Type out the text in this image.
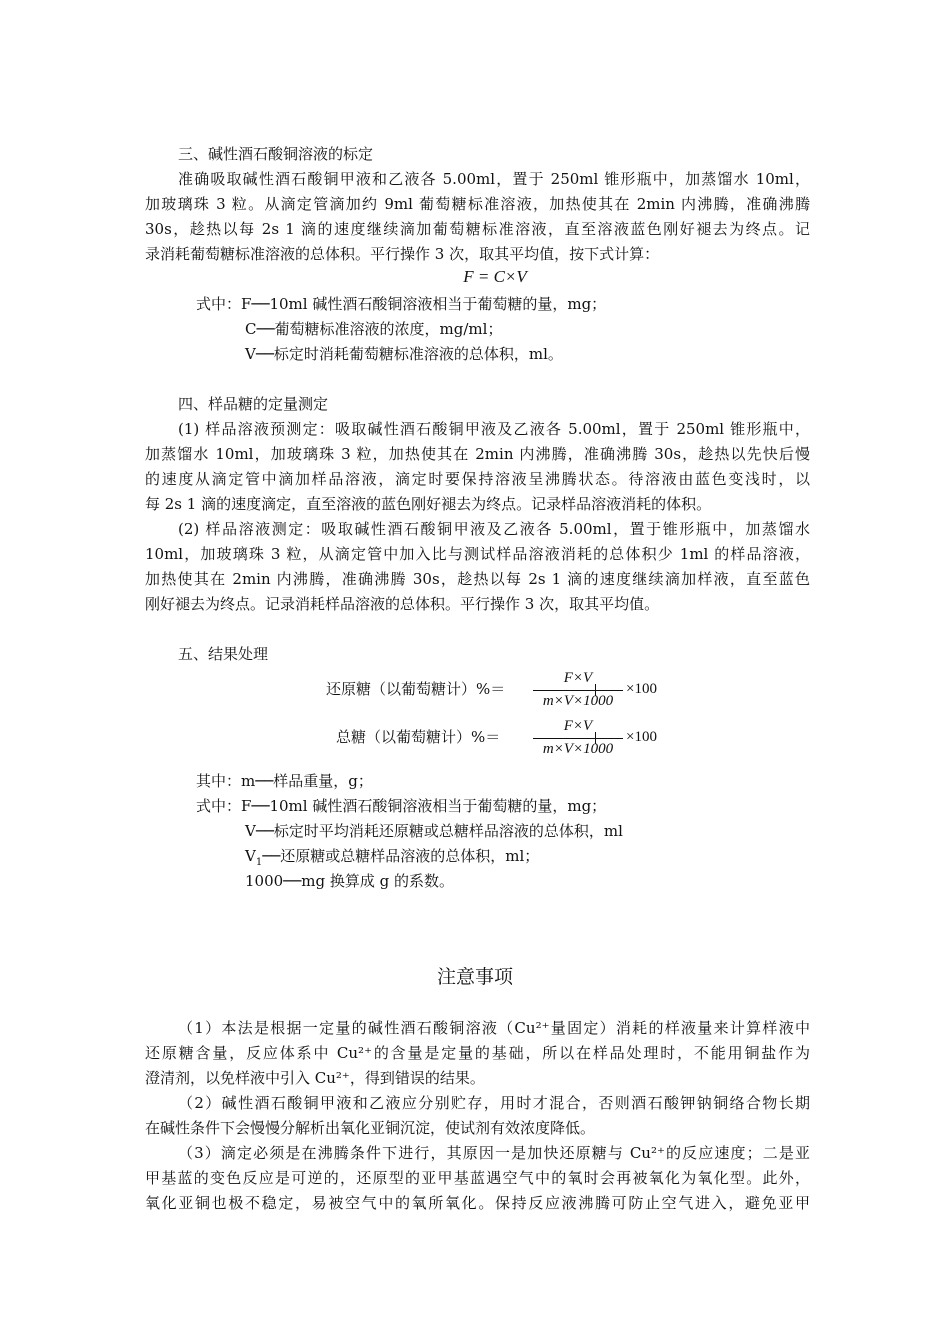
三、碱性酒石酸铜溶液的标定
准确吸取碱性酒石酸铜甲液和乙液各 5.00ml，置于 250ml 锥形瓶中，加蒸馏水 10ml，
加玻璃珠 3 粒。从滴定管滴加约 9ml 葡萄糖标准溶液，加热使其在 2min 内沸腾，准确沸腾
30s，趁热以每 2s 1 滴的速度继续滴加葡萄糖标准溶液，直至溶液蓝色刚好褪去为终点。记
录消耗葡萄糖标准溶液的总体积。平行操作 3 次，取其平均值，按下式计算：
F = C×V
式中：F──10ml 碱性酒石酸铜溶液相当于葡萄糖的量，mg；
C──葡萄糖标准溶液的浓度，mg/ml；
V──标定时消耗葡萄糖标准溶液的总体积，ml。
四、样品糖的定量测定
(1) 样品溶液预测定：吸取碱性酒石酸铜甲液及乙液各 5.00ml，置于 250ml 锥形瓶中，
加蒸馏水 10ml，加玻璃珠 3 粒，加热使其在 2min 内沸腾，准确沸腾 30s，趁热以先快后慢
的速度从滴定管中滴加样品溶液，滴定时要保持溶液呈沸腾状态。待溶液由蓝色变浅时，以
每 2s 1 滴的速度滴定，直至溶液的蓝色刚好褪去为终点。记录样品溶液消耗的体积。
(2) 样品溶液测定：吸取碱性酒石酸铜甲液及乙液各 5.00ml，置于锥形瓶中，加蒸馏水
10ml，加玻璃珠 3 粒，从滴定管中加入比与测试样品溶液消耗的总体积少 1ml 的样品溶液，
加热使其在 2min 内沸腾，准确沸腾 30s，趁热以每 2s 1 滴的速度继续滴加样液，直至蓝色
刚好褪去为终点。记录消耗样品溶液的总体积。平行操作 3 次，取其平均值。
五、结果处理
还原糖（以葡萄糖计）%＝
F×V
m×V×1000
×100
总糖（以葡萄糖计）%＝
F×V
m×V×1000
×100
其中：m──样品重量，g；
式中：F──10ml 碱性酒石酸铜溶液相当于葡萄糖的量，mg；
V──标定时平均消耗还原糖或总糖样品溶液的总体积，ml
$V_1──$还原糖或总糖样品溶液的总体积，ml；
1000──mg 换算成 g 的系数。
注意事项
（1）本法是根据一定量的碱性酒石酸铜溶液（Cu²⁺量固定）消耗的样液量来计算样液中
还原糖含量，反应体系中 Cu²⁺的含量是定量的基础，所以在样品处理时，不能用铜盐作为
澄清剂，以免样液中引入 Cu²⁺，得到错误的结果。
（2）碱性酒石酸铜甲液和乙液应分别贮存，用时才混合，否则酒石酸钾钠铜络合物长期
在碱性条件下会慢慢分解析出氧化亚铜沉淀，使试剂有效浓度降低。
（3）滴定必须是在沸腾条件下进行，其原因一是加快还原糖与 Cu²⁺的反应速度；二是亚
甲基蓝的变色反应是可逆的，还原型的亚甲基蓝遇空气中的氧时会再被氧化为氧化型。此外，
氧化亚铜也极不稳定，易被空气中的氧所氧化。保持反应液沸腾可防止空气进入，避免亚甲
